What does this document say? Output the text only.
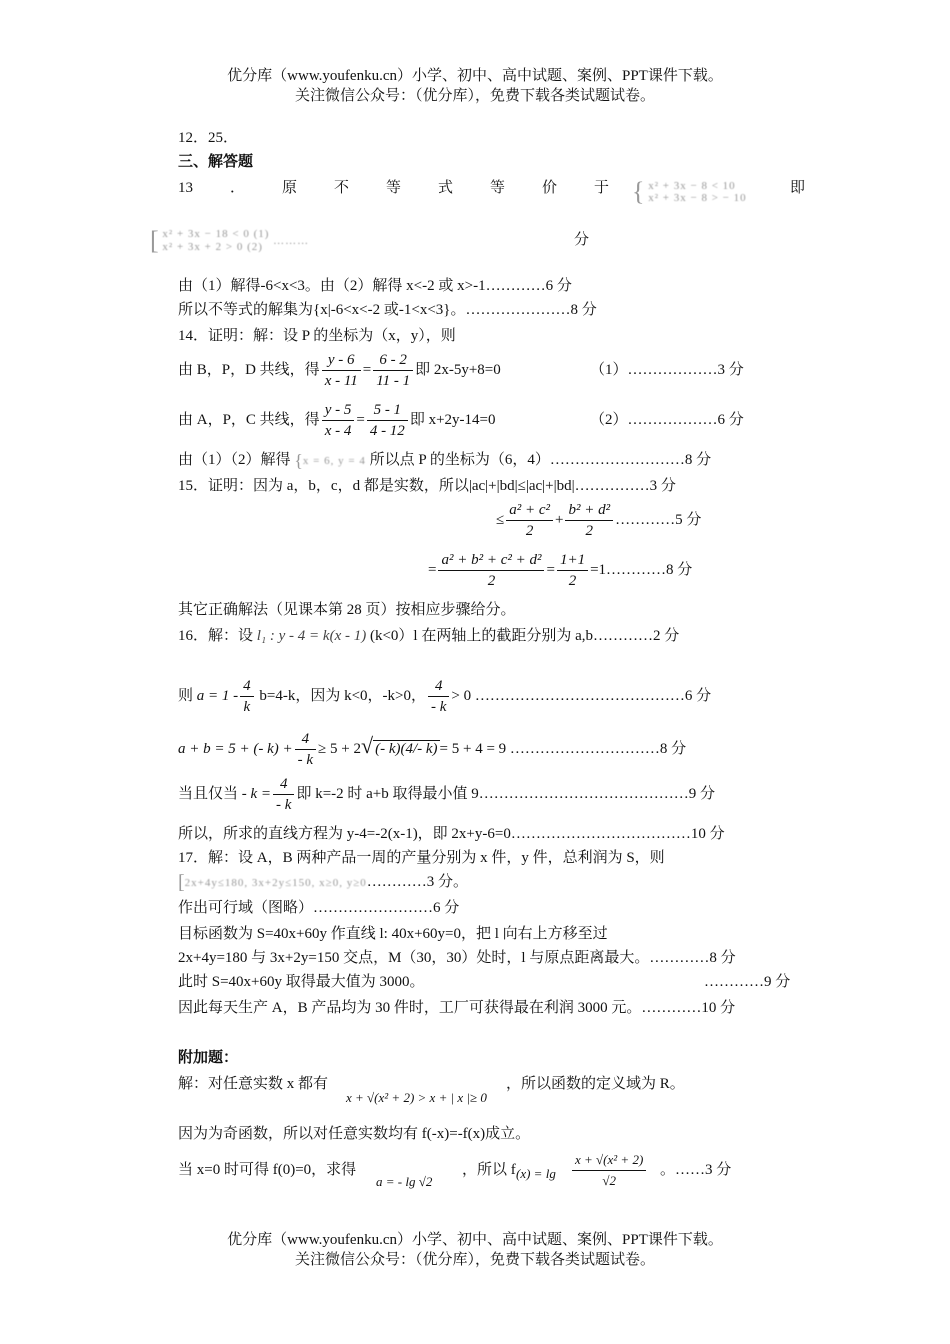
优分库（www.youfenku.cn）小学、初中、高中试题、案例、PPT课件下载。
关注微信公众号：（优分库），免费下载各类试题试卷。
12．25．
三、解答题
13 ． 原 不 等 式 等 价 于 { x² + 3x − 8 < 10
x² + 3x − 8 > − 10
即
[ x² + 3x − 18 < 0 (1)
x² + 3x + 2 > 0 (2) ………	分
由（1）解得-6<x<3。由（2）解得 x<-2 或 x>-1…………6 分
所以不等式的解集为{x|-6<x<-2 或-1<x<3}。…………………8 分
14．证明：解：设 P 的坐标为（x，y），则
由 B，P，D 共线，得 $\frac{y - 6}{x - 11} = \frac{6 - 2}{11 - 1}$ 即 2x-5y+8=0	（1）………………3 分
由 A，P，C 共线，得 $\frac{y - 5}{x - 4} = \frac{5 - 1}{4 - 12}$ 即 x+2y-14=0	（2）………………6 分
由（1）（2）解得 {x = 6, y = 4 所以点 P 的坐标为（6，4）………………………8 分
15．证明：因为 a，b，c，d 都是实数，所以|ac|+|bd|≤|ac|+|bd|……………3 分
≤ $\frac{\text{a² + c²}}{2} + \frac{\text{b² + d²}}{2}$ …………5 分
= $\frac{\text{a² + b² + c² + d²}}{2} = \frac{1+1}{2}$ =1…………8 分
其它正确解法（见课本第 28 页）按相应步骤给分。
16．解：设 l₁ : y - 4 = k(x - 1) (k<0）l 在两轴上的截距分别为 a,b…………2 分
则 $a = 1 - \frac{4}{k} b=4-k$，因为 k<0，-k>0， $\frac{4}{- k} > 0$ ……………………………………6 分
a + b = 5 + (- $k) + \frac{4}{- k} \ge 5 + 2√$ (- k)(4/- k) = 5 + 4 = 9 …………………………8 分
当且仅当 - $k = \frac{4}{- k}$ 即 k=-2 时 a+b 取得最小值 9……………………………………9 分
所以，所求的直线方程为 y-4=-2(x-1)，即 2x+y-6=0………………………………10 分
17．解：设 A，B 两种产品一周的产量分别为 x 件，y 件，总利润为 S，则
[2x+4y≤180, 3x+2y≤150, x≥0, y≥0…………3 分。
作出可行域（图略）……………………6 分
目标函数为 S=40x+60y 作直线 l: 40x+60y=0，把 l 向右上方移至过
2x+4y=180 与 3x+2y=150 交点，M（30，30）处时，l 与原点距离最大。…………8 分
此时 S=40x+60y 取得最大值为 3000。	…………9 分
因此每天生产 A，B 产品均为 30 件时，工厂可获得最在利润 3000 元。…………10 分
附加题：
解：对任意实数 x 都有
x + √(x² + 2) > x + | x |≥ 0
，所以函数的定义域为 R。
因为为奇函数，所以对任意实数均有 f(-x)=-f(x)成立。
当 x=0 时可得 f(0)=0，求得
a = - lg √2
，所以 f $(x) = \lg \frac{\text{x + √(x² + 2)}}{√2}$ 。……3 分
优分库（www.youfenku.cn）小学、初中、高中试题、案例、PPT课件下载。
关注微信公众号：（优分库），免费下载各类试题试卷。
